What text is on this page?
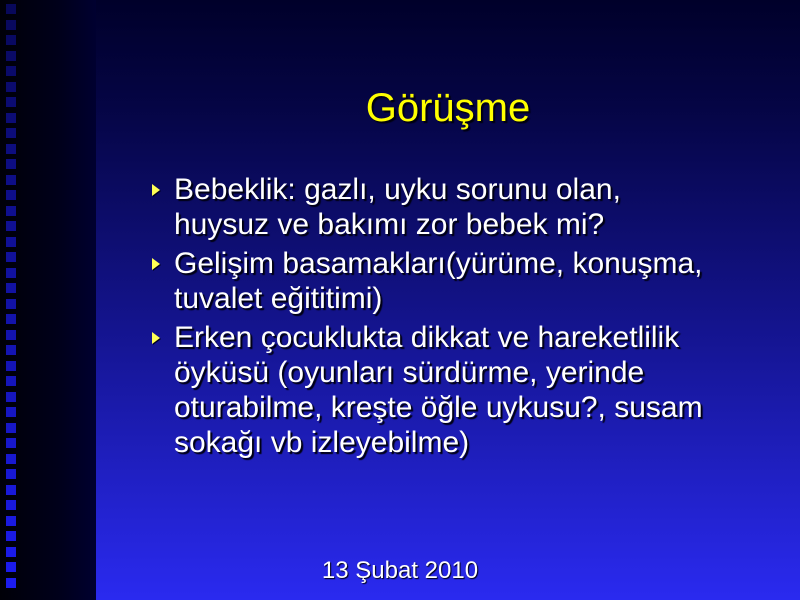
Görüşme
Bebeklik: gazlı, uyku sorunu olan,
huysuz ve bakımı zor bebek mi?
Gelişim basamakları(yürüme, konuşma,
tuvalet eğititimi)
Erken çocuklukta dikkat ve hareketlilik
öyküsü (oyunları sürdürme, yerinde
oturabilme, kreşte öğle uykusu?, susam
sokağı vb izleyebilme)
13 Şubat 2010
